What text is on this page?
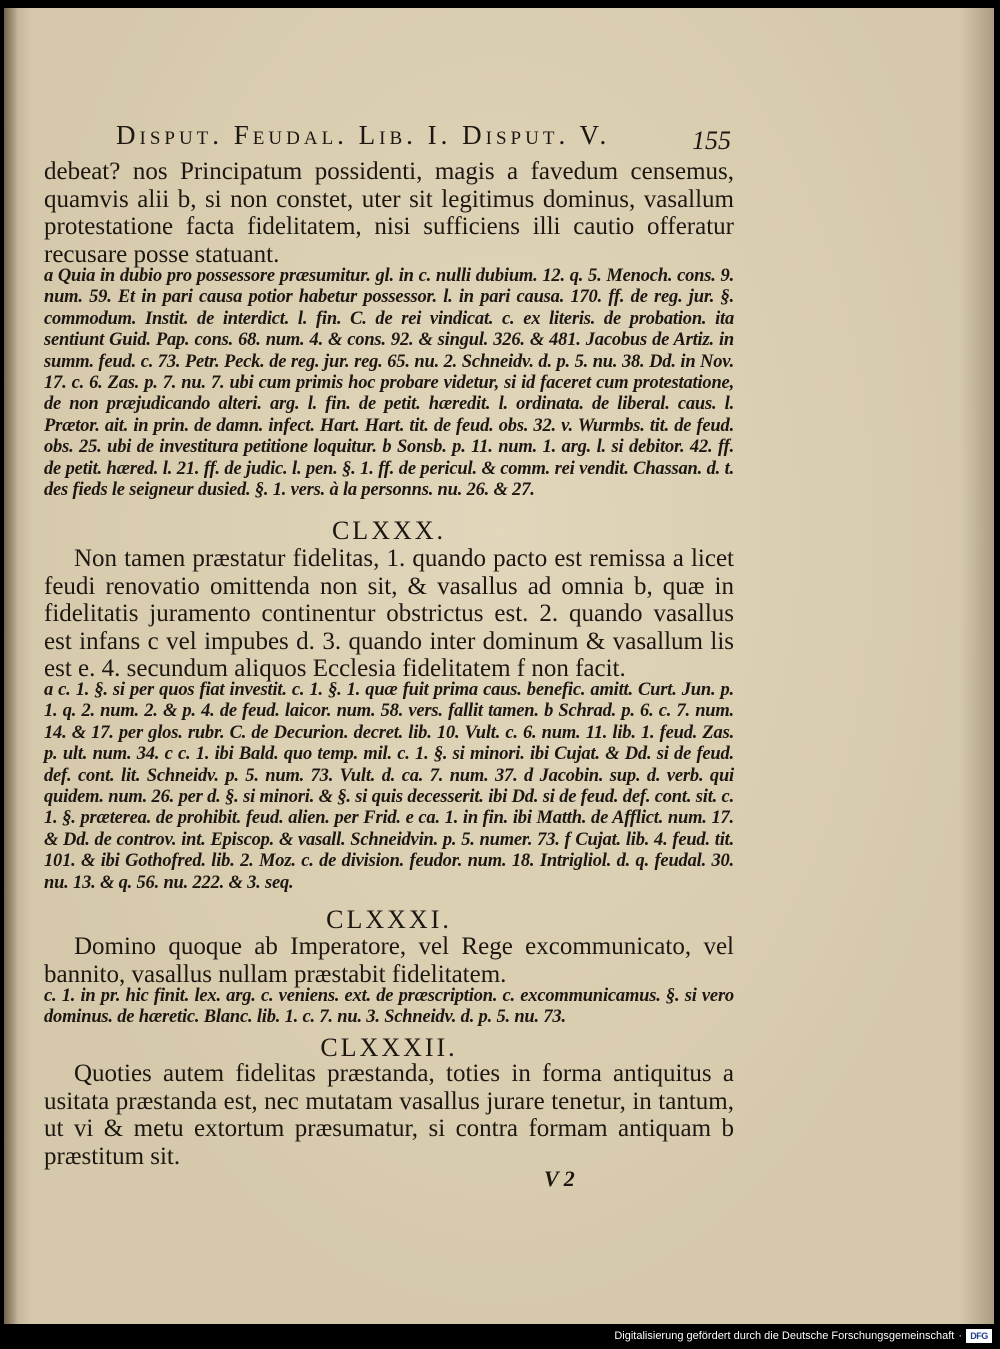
Disput. Feudal. Lib. I. Disput. V.	155
debeat? nos Principatum possidenti, magis a favedum censemus, quamvis alii b, si non constet, uter sit legitimus dominus, vasallum protestatione facta fidelitatem, nisi sufficiens illi cautio offeratur recusare posse statuant.
a Quia in dubio pro possessore præsumitur. gl. in c. nulli dubium. 12. q. 5. Menoch. cons. 9. num. 59. Et in pari causa potior habetur possessor. l. in pari causa. 170. ff. de reg. jur. §. commodum. Instit. de interdict. l. fin. C. de rei vindicat. c. ex literis. de probation. ita sentiunt Guid. Pap. cons. 68. num. 4. & cons. 92. & singul. 326. & 481. Jacobus de Artiz. in summ. feud. c. 73. Petr. Peck. de reg. jur. reg. 65. nu. 2. Schneidv. d. p. 5. nu. 38. Dd. in Nov. 17. c. 6. Zas. p. 7. nu. 7. ubi cum primis hoc probare videtur, si id faceret cum protestatione, de non præjudicando alteri. arg. l. fin. de petit. hæredit. l. ordinata. de liberal. caus. l. Prætor. ait. in prin. de damn. infect. Hart. Hart. tit. de feud. obs. 32. v. Wurmbs. tit. de feud. obs. 25. ubi de investitura petitione loquitur. b Sonsb. p. 11. num. 1. arg. l. si debitor. 42. ff. de petit. hæred. l. 21. ff. de judic. l. pen. §. 1. ff. de pericul. & comm. rei vendit. Chassan. d. t. des fieds le seigneur dusied. §. 1. vers. à la personns. nu. 26. & 27.
CLXXX.
Non tamen præstatur fidelitas, 1. quando pacto est remissa a licet feudi renovatio omittenda non sit, & vasallus ad omnia b, quæ in fidelitatis juramento continentur obstrictus est. 2. quando vasallus est infans c vel impubes d. 3. quando inter dominum & vasallum lis est e. 4. secundum aliquos Ecclesia fidelitatem f non facit.
a c. 1. §. si per quos fiat investit. c. 1. §. 1. quæ fuit prima caus. benefic. amitt. Curt. Jun. p. 1. q. 2. num. 2. & p. 4. de feud. laicor. num. 58. vers. fallit tamen. b Schrad. p. 6. c. 7. num. 14. & 17. per glos. rubr. C. de Decurion. decret. lib. 10. Vult. c. 6. num. 11. lib. 1. feud. Zas. p. ult. num. 34. c c. 1. ibi Bald. quo temp. mil. c. 1. §. si minori. ibi Cujat. & Dd. si de feud. def. cont. lit. Schneidv. p. 5. num. 73. Vult. d. ca. 7. num. 37. d Jacobin. sup. d. verb. qui quidem. num. 26. per d. §. si minori. & §. si quis decesserit. ibi Dd. si de feud. def. cont. sit. c. 1. §. præterea. de prohibit. feud. alien. per Frid. e ca. 1. in fin. ibi Matth. de Afflict. num. 17. & Dd. de controv. int. Episcop. & vasall. Schneidvin. p. 5. numer. 73. f Cujat. lib. 4. feud. tit. 101. & ibi Gothofred. lib. 2. Moz. c. de division. feudor. num. 18. Intrigliol. d. q. feudal. 30. nu. 13. & q. 56. nu. 222. & 3. seq.
CLXXXI.
Domino quoque ab Imperatore, vel Rege excommunicato, vel bannito, vasallus nullam præstabit fidelitatem.
c. 1. in pr. hic finit. lex. arg. c. veniens. ext. de præscription. c. excommunicamus. §. si vero dominus. de hæretic. Blanc. lib. 1. c. 7. nu. 3. Schneidv. d. p. 5. nu. 73.
CLXXXII.
Quoties autem fidelitas præstanda, toties in forma antiquitus a usitata præstanda est, nec mutatam vasallus jurare tenetur, in tantum, ut vi & metu extortum præsumatur, si contra formam antiquam b præstitum sit.
V 2
Digitalisierung gefördert durch die Deutsche Forschungsgemeinschaft · DFG
